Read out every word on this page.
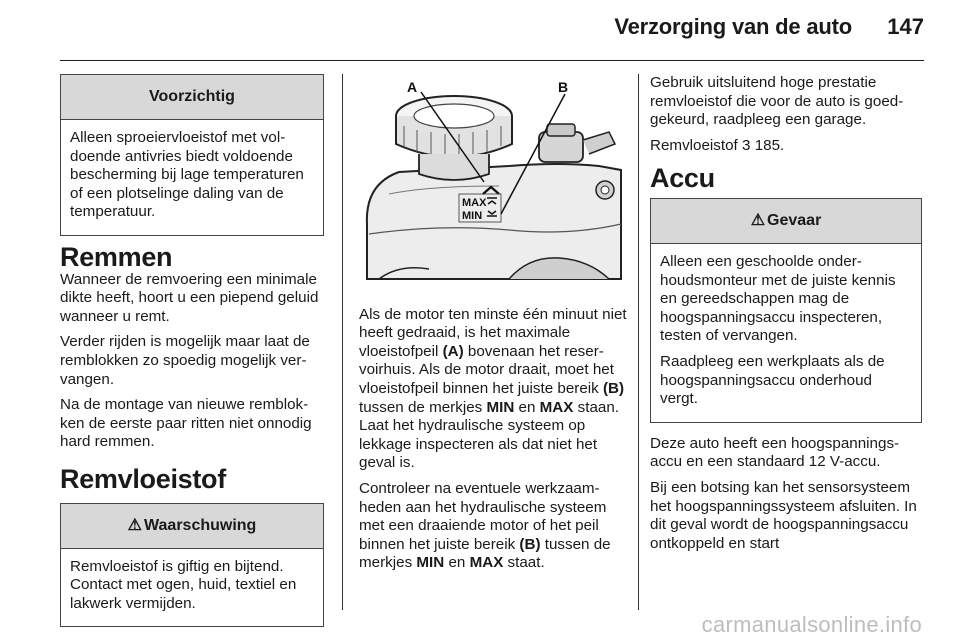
Verzorging van de auto 147
Voorzichtig

Alleen sproeiervloeistof met voldoende antivries biedt voldoende bescherming bij lage temperaturen of een plotselinge daling van de temperatuur.

Remmen

Wanneer de remvoering een minimale dikte heeft, hoort u een piepend geluid wanneer u remt.

Verder rijden is mogelijk maar laat de remblokken zo spoedig mogelijk vervangen.

Na de montage van nieuwe remblokken de eerste paar ritten niet onnodig hard remmen.

Remvloeistof
⚠ Waarschuwing

Remvloeistof is giftig en bijtend. Contact met ogen, huid, textiel en lakwerk vermijden.

MAX
MIN
A	B

Als de motor ten minste één minuut niet heeft gedraaid, is het maximale vloeistofpeil (A) bovenaan het reservoirhuis. Als de motor draait, moet het vloeistofpeil binnen het juiste bereik (B) tussen de merkjes MIN en MAX staan. Laat het hydraulische systeem op lekkage inspecteren als dat niet het geval is.

Controleer na eventuele werkzaamheden aan het hydraulische systeem met een draaiende motor of het peil binnen het juiste bereik (B) tussen de merkjes MIN en MAX staat.

Gebruik uitsluitend hoge prestatie remvloeistof die voor de auto is goedgekeurd, raadpleeg een garage.

Remvloeistof 3 185.

Accu
⚠ Gevaar

Alleen een geschoolde onderhoudsmonteur met de juiste kennis en gereedschappen mag de hoogspanningsaccu inspecteren, testen of vervangen.

Raadpleeg een werkplaats als de hoogspanningsaccu onderhoud vergt.

Deze auto heeft een hoogspanningsaccu en een standaard 12 V-accu.

Bij een botsing kan het sensorsysteem het hoogspanningssysteem afsluiten. In dit geval wordt de hoogspanningsaccu ontkoppeld en start

carmanualsonline.info
